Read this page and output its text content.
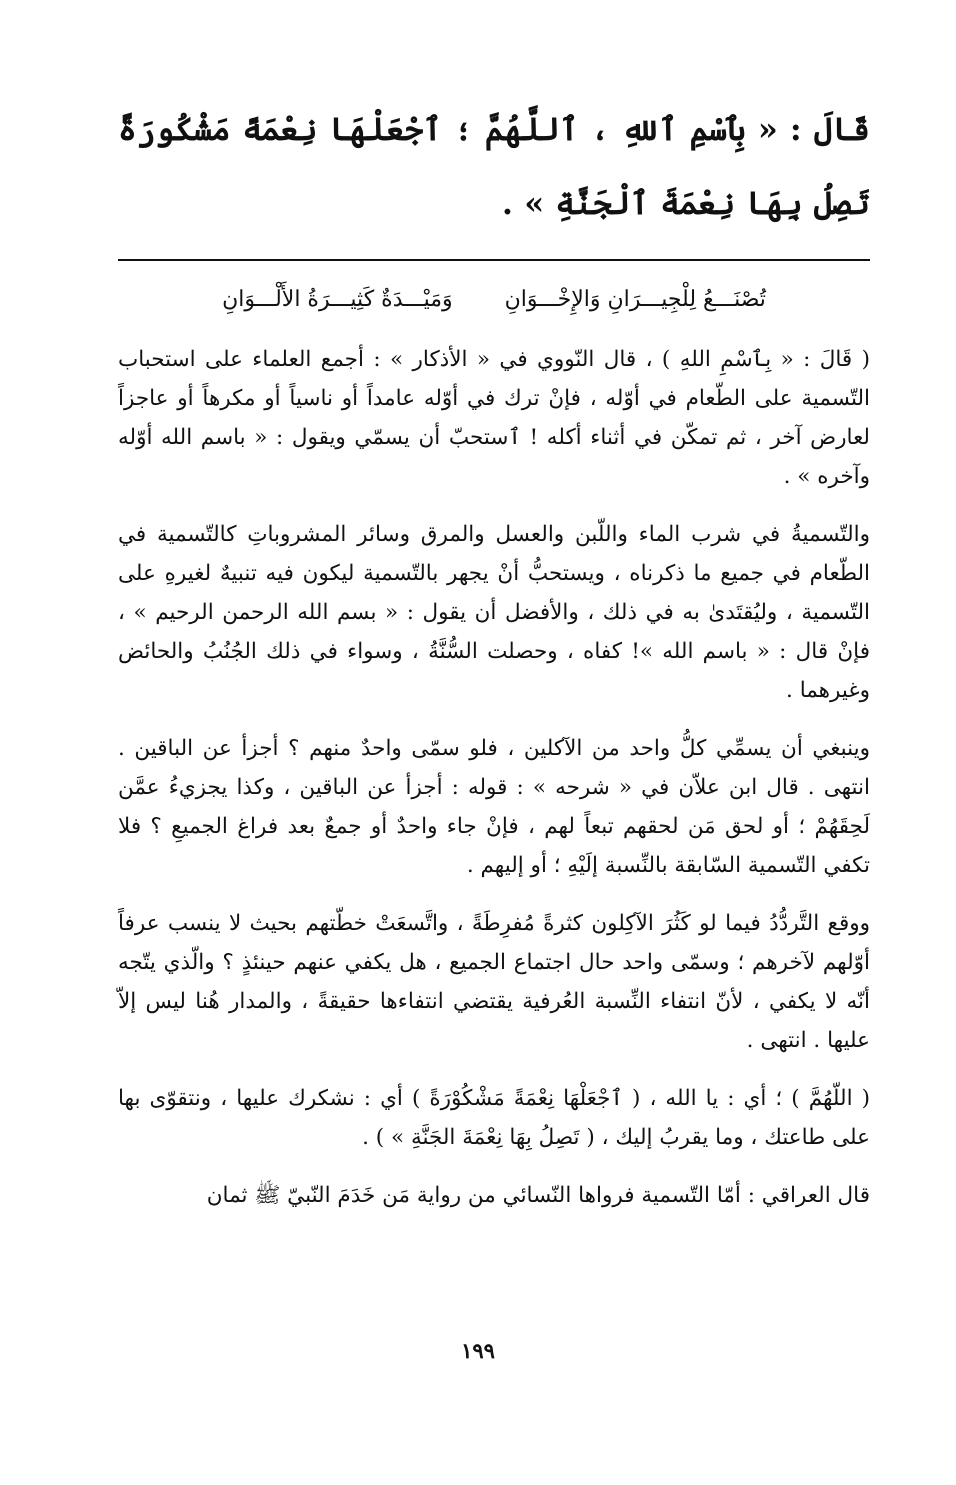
قَالَ : « بِٱسْمِ ٱللهِ ، ٱللَّهُمَّ ؛ ٱجْعَلْهَا نِعْمَةً مَشْكُورَةً تَصِلُ بِهَا نِعْمَةَ ٱلْجَنَّةِ » .
تُصْنَـــعُ لِلْجِيـــرَانِ وَالإِخْـــوَانِ
وَمَيْـــدَةٌ كَثِيـــرَةُ الأَلْـــوَانِ

( قَالَ : « بِٱسْمِ اللهِ ) ، قال النّووي في « الأذكار » : أجمع العلماء على استحباب التّسمية على الطّعام في أوّله ، فإنْ ترك في أوّله عامداً أو ناسياً أو مكرهاً أو عاجزاً لعارض آخر ، ثم تمكّن في أثناء أكله ! ٱستحبّ أن يسمّي ويقول : « باسم الله أوّله وآخره » .

والتّسميةُ في شرب الماء واللّبن والعسل والمرق وسائر المشروباتِ كالتّسمية في الطّعام في جميع ما ذكرناه ، ويستحبُّ أنْ يجهر بالتّسمية ليكون فيه تنبيهٌ لغيرهِ على التّسمية ، وليُقتَدىٰ به في ذلك ، والأفضل أن يقول : « بسم الله الرحمن الرحيم » ، فإنْ قال : « باسم الله »! كفاه ، وحصلت السُّنَّةُ ، وسواء في ذلك الجُنُبُ والحائض وغيرهما .

وينبغي أن يسمِّي كلُّ واحد من الآكلين ، فلو سمّى واحدٌ منهم ؟ أجزأ عن الباقين . انتهى . قال ابن علاّن في « شرحه » : قوله : أجزأ عن الباقين ، وكذا يجزيءُ عمَّن لَحِقَهُمْ ؛ أو لحق مَن لحقهم تبعاً لهم ، فإنْ جاء واحدٌ أو جمعٌ بعد فراغ الجميعِ ؟ فلا تكفي التّسمية السّابقة بالنِّسبة إلَيْهِ ؛ أو إليهم .

ووقع التَّردُّدُ فيما لو كَثُرَ الآكِلون كثرةً مُفرِطَةً ، واتَّسعَتْ خطّتهم بحيث لا ينسب عرفاً أوّلهم لآخرهم ؛ وسمّى واحد حال اجتماع الجميع ، هل يكفي عنهم حينئذٍ ؟ والّذي يتّجه أنّه لا يكفي ، لأنّ انتفاء النِّسبة العُرفية يقتضي انتفاءها حقيقةً ، والمدار هُنا ليس إلاّ عليها . انتهى .

( اللّهُمَّ ) ؛ أي : يا الله ، ( ٱجْعَلْهَا نِعْمَةً مَشْكُوْرَةً ) أي : نشكرك عليها ، ونتقوّى بها على طاعتك ، وما يقربُ إليك ، ( تَصِلُ بِهَا نِعْمَةَ الجَنَّةِ » ) .

قال العراقي : أمّا التّسمية فرواها النّسائي من رواية مَن خَدَمَ النّبيّ ﷺ ثمان

١٩٩
